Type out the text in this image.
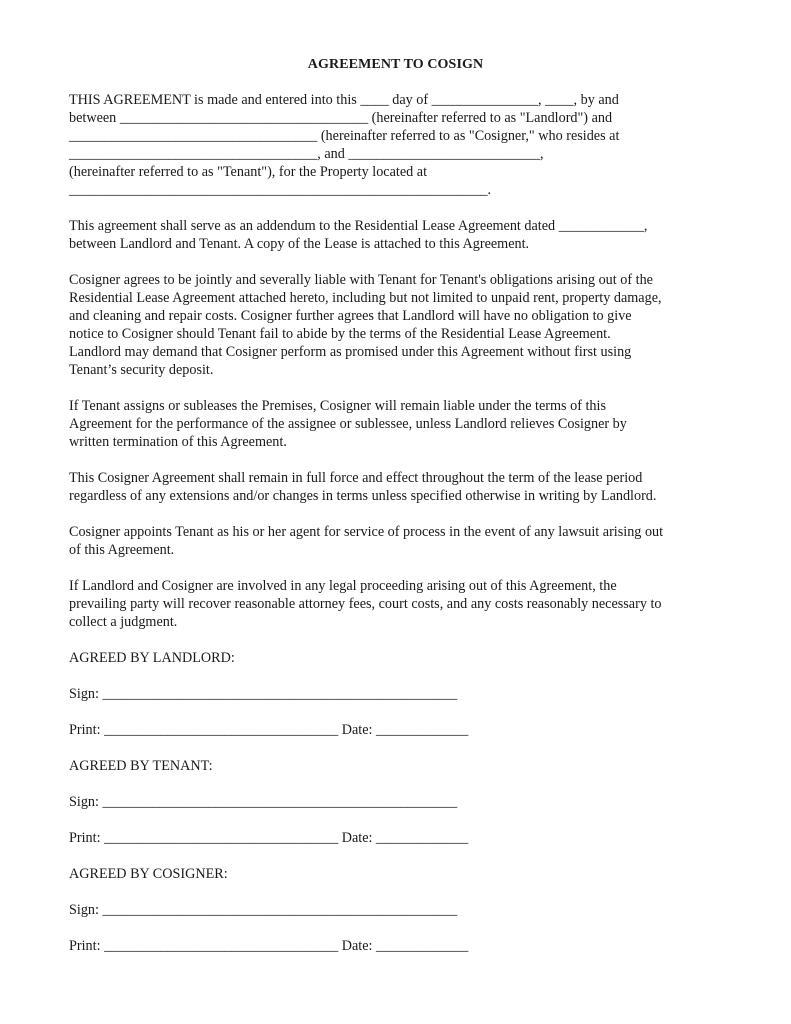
AGREEMENT TO COSIGN
THIS AGREEMENT is made and entered into this ____ day of _______________, ____, by and
between ___________________________________ (hereinafter referred to as "Landlord") and
___________________________________ (hereinafter referred to as "Cosigner," who resides at
___________________________________, and ___________________________,
(hereinafter referred to as "Tenant"), for the Property located at
___________________________________________________________.
This agreement shall serve as an addendum to the Residential Lease Agreement dated ____________,
between Landlord and Tenant. A copy of the Lease is attached to this Agreement.
Cosigner agrees to be jointly and severally liable with Tenant for Tenant's obligations arising out of the
Residential Lease Agreement attached hereto, including but not limited to unpaid rent, property damage,
and cleaning and repair costs. Cosigner further agrees that Landlord will have no obligation to give
notice to Cosigner should Tenant fail to abide by the terms of the Residential Lease Agreement.
Landlord may demand that Cosigner perform as promised under this Agreement without first using
Tenant’s security deposit.
If Tenant assigns or subleases the Premises, Cosigner will remain liable under the terms of this
Agreement for the performance of the assignee or sublessee, unless Landlord relieves Cosigner by
written termination of this Agreement.
This Cosigner Agreement shall remain in full force and effect throughout the term of the lease period
regardless of any extensions and/or changes in terms unless specified otherwise in writing by Landlord.
Cosigner appoints Tenant as his or her agent for service of process in the event of any lawsuit arising out
of this Agreement.
If Landlord and Cosigner are involved in any legal proceeding arising out of this Agreement, the
prevailing party will recover reasonable attorney fees, court costs, and any costs reasonably necessary to
collect a judgment.
AGREED BY LANDLORD:
Sign: __________________________________________________
Print: _________________________________ Date: _____________
AGREED BY TENANT:
Sign: __________________________________________________
Print: _________________________________ Date: _____________
AGREED BY COSIGNER:
Sign: __________________________________________________
Print: _________________________________ Date: _____________
